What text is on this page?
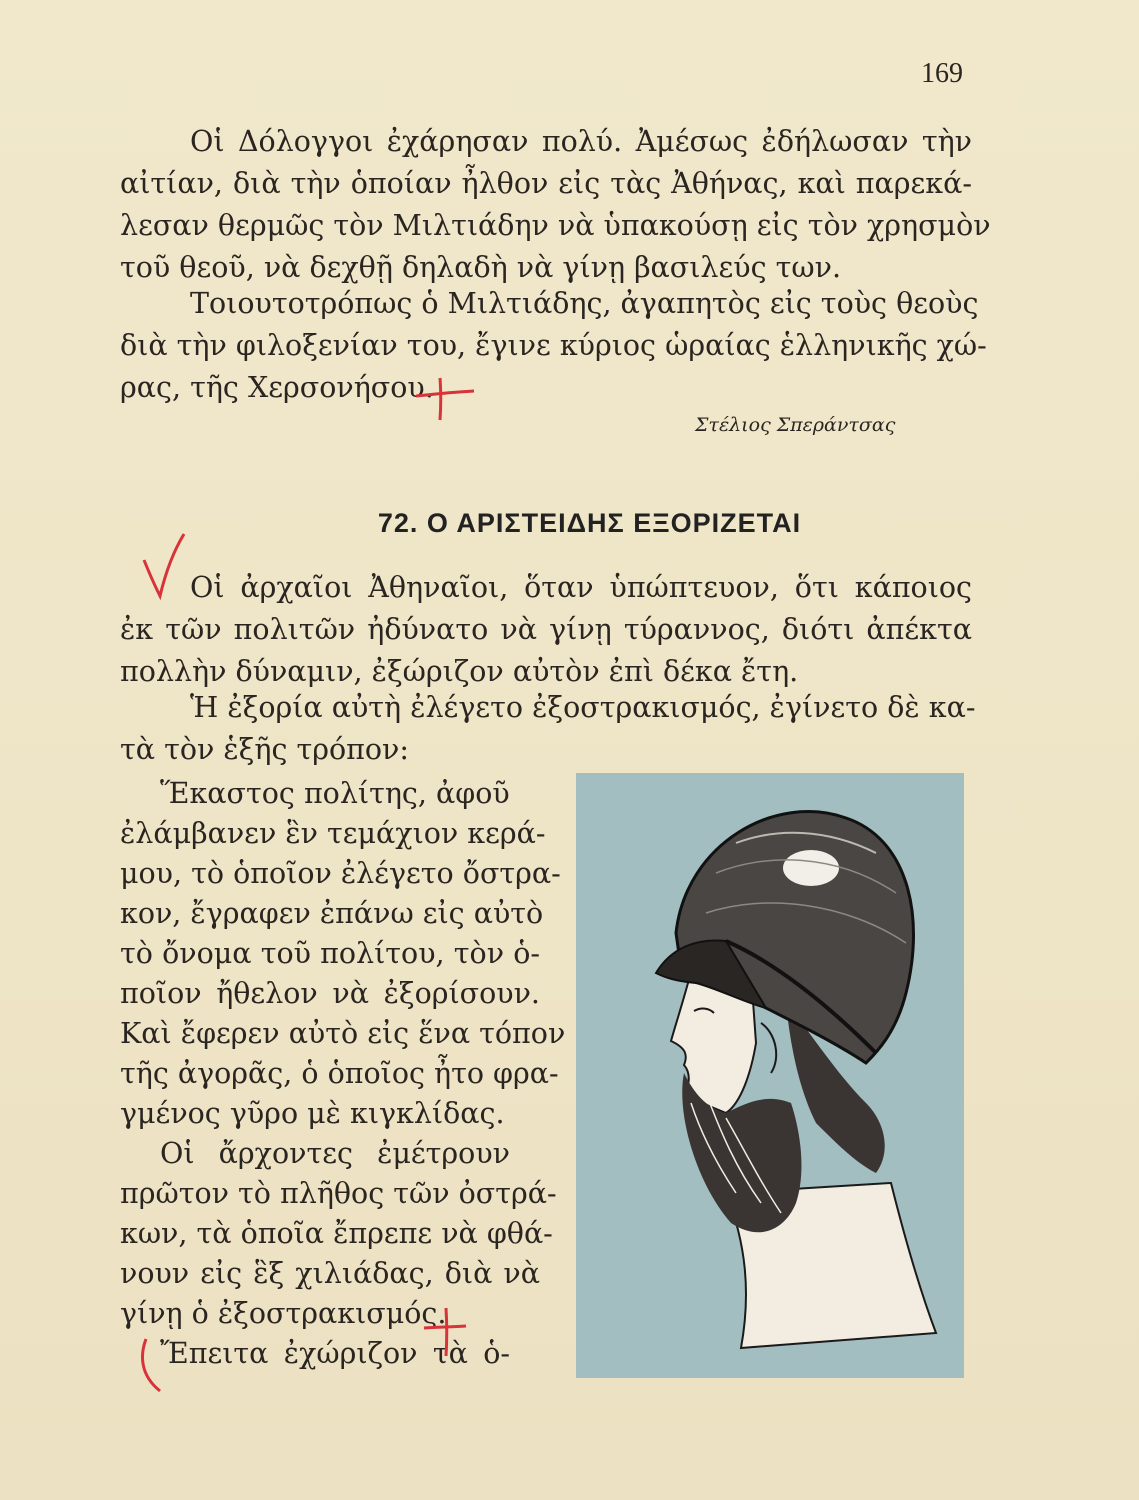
169
Οἱ Δόλογγοι ἐχάρησαν πολύ. Ἀμέσως ἐδήλωσαν τὴν
αἰτίαν, διὰ τὴν ὁποίαν ἦλθον εἰς τὰς Ἀθήνας, καὶ παρεκά-
λεσαν θερμῶς τὸν Μιλτιάδην νὰ ὑπακούσῃ εἰς τὸν χρησμὸν
τοῦ θεοῦ, νὰ δεχθῇ δηλαδὴ νὰ γίνῃ βασιλεύς των.
Τοιουτοτρόπως ὁ Μιλτιάδης, ἀγαπητὸς εἰς τοὺς θεοὺς
διὰ τὴν φιλοξενίαν του, ἔγινε κύριος ὡραίας ἑλληνικῆς χώ-
ρας, τῆς Χερσονήσου.
Στέλιος Σπεράντσας
72. Ο ΑΡΙΣΤΕΙΔΗΣ ΕΞΟΡΙΖΕΤΑΙ
Οἱ ἀρχαῖοι Ἀθηναῖοι, ὅταν ὑπώπτευον, ὅτι κάποιος
ἐκ τῶν πολιτῶν ἠδύνατο νὰ γίνῃ τύραννος, διότι ἀπέκτα
πολλὴν δύναμιν, ἐξώριζον αὐτὸν ἐπὶ δέκα ἔτη.
Ἡ ἐξορία αὐτὴ ἐλέγετο ἐξοστρακισμός, ἐγίνετο δὲ κα-
τὰ τὸν ἑξῆς τρόπον:
Ἕκαστος πολίτης, ἀφοῦ
ἐλάμβανεν ἓν τεμάχιον κερά-
μου, τὸ ὁποῖον ἐλέγετο ὄστρα-
κον, ἔγραφεν ἐπάνω εἰς αὐτὸ
τὸ ὄνομα τοῦ πολίτου, τὸν ὁ-
ποῖον ἤθελον νὰ ἐξορίσουν.
Καὶ ἔφερεν αὐτὸ εἰς ἕνα τόπον
τῆς ἀγορᾶς, ὁ ὁποῖος ἦτο φρα-
γμένος γῦρο μὲ κιγκλίδας.
Οἱ ἄρχοντες ἐμέτρουν
πρῶτον τὸ πλῆθος τῶν ὀστρά-
κων, τὰ ὁποῖα ἔπρεπε νὰ φθά-
νουν εἰς ἓξ χιλιάδας, διὰ νὰ
γίνῃ ὁ ἐξοστρακισμός.
Ἔπειτα ἐχώριζον τὰ ὁ-
